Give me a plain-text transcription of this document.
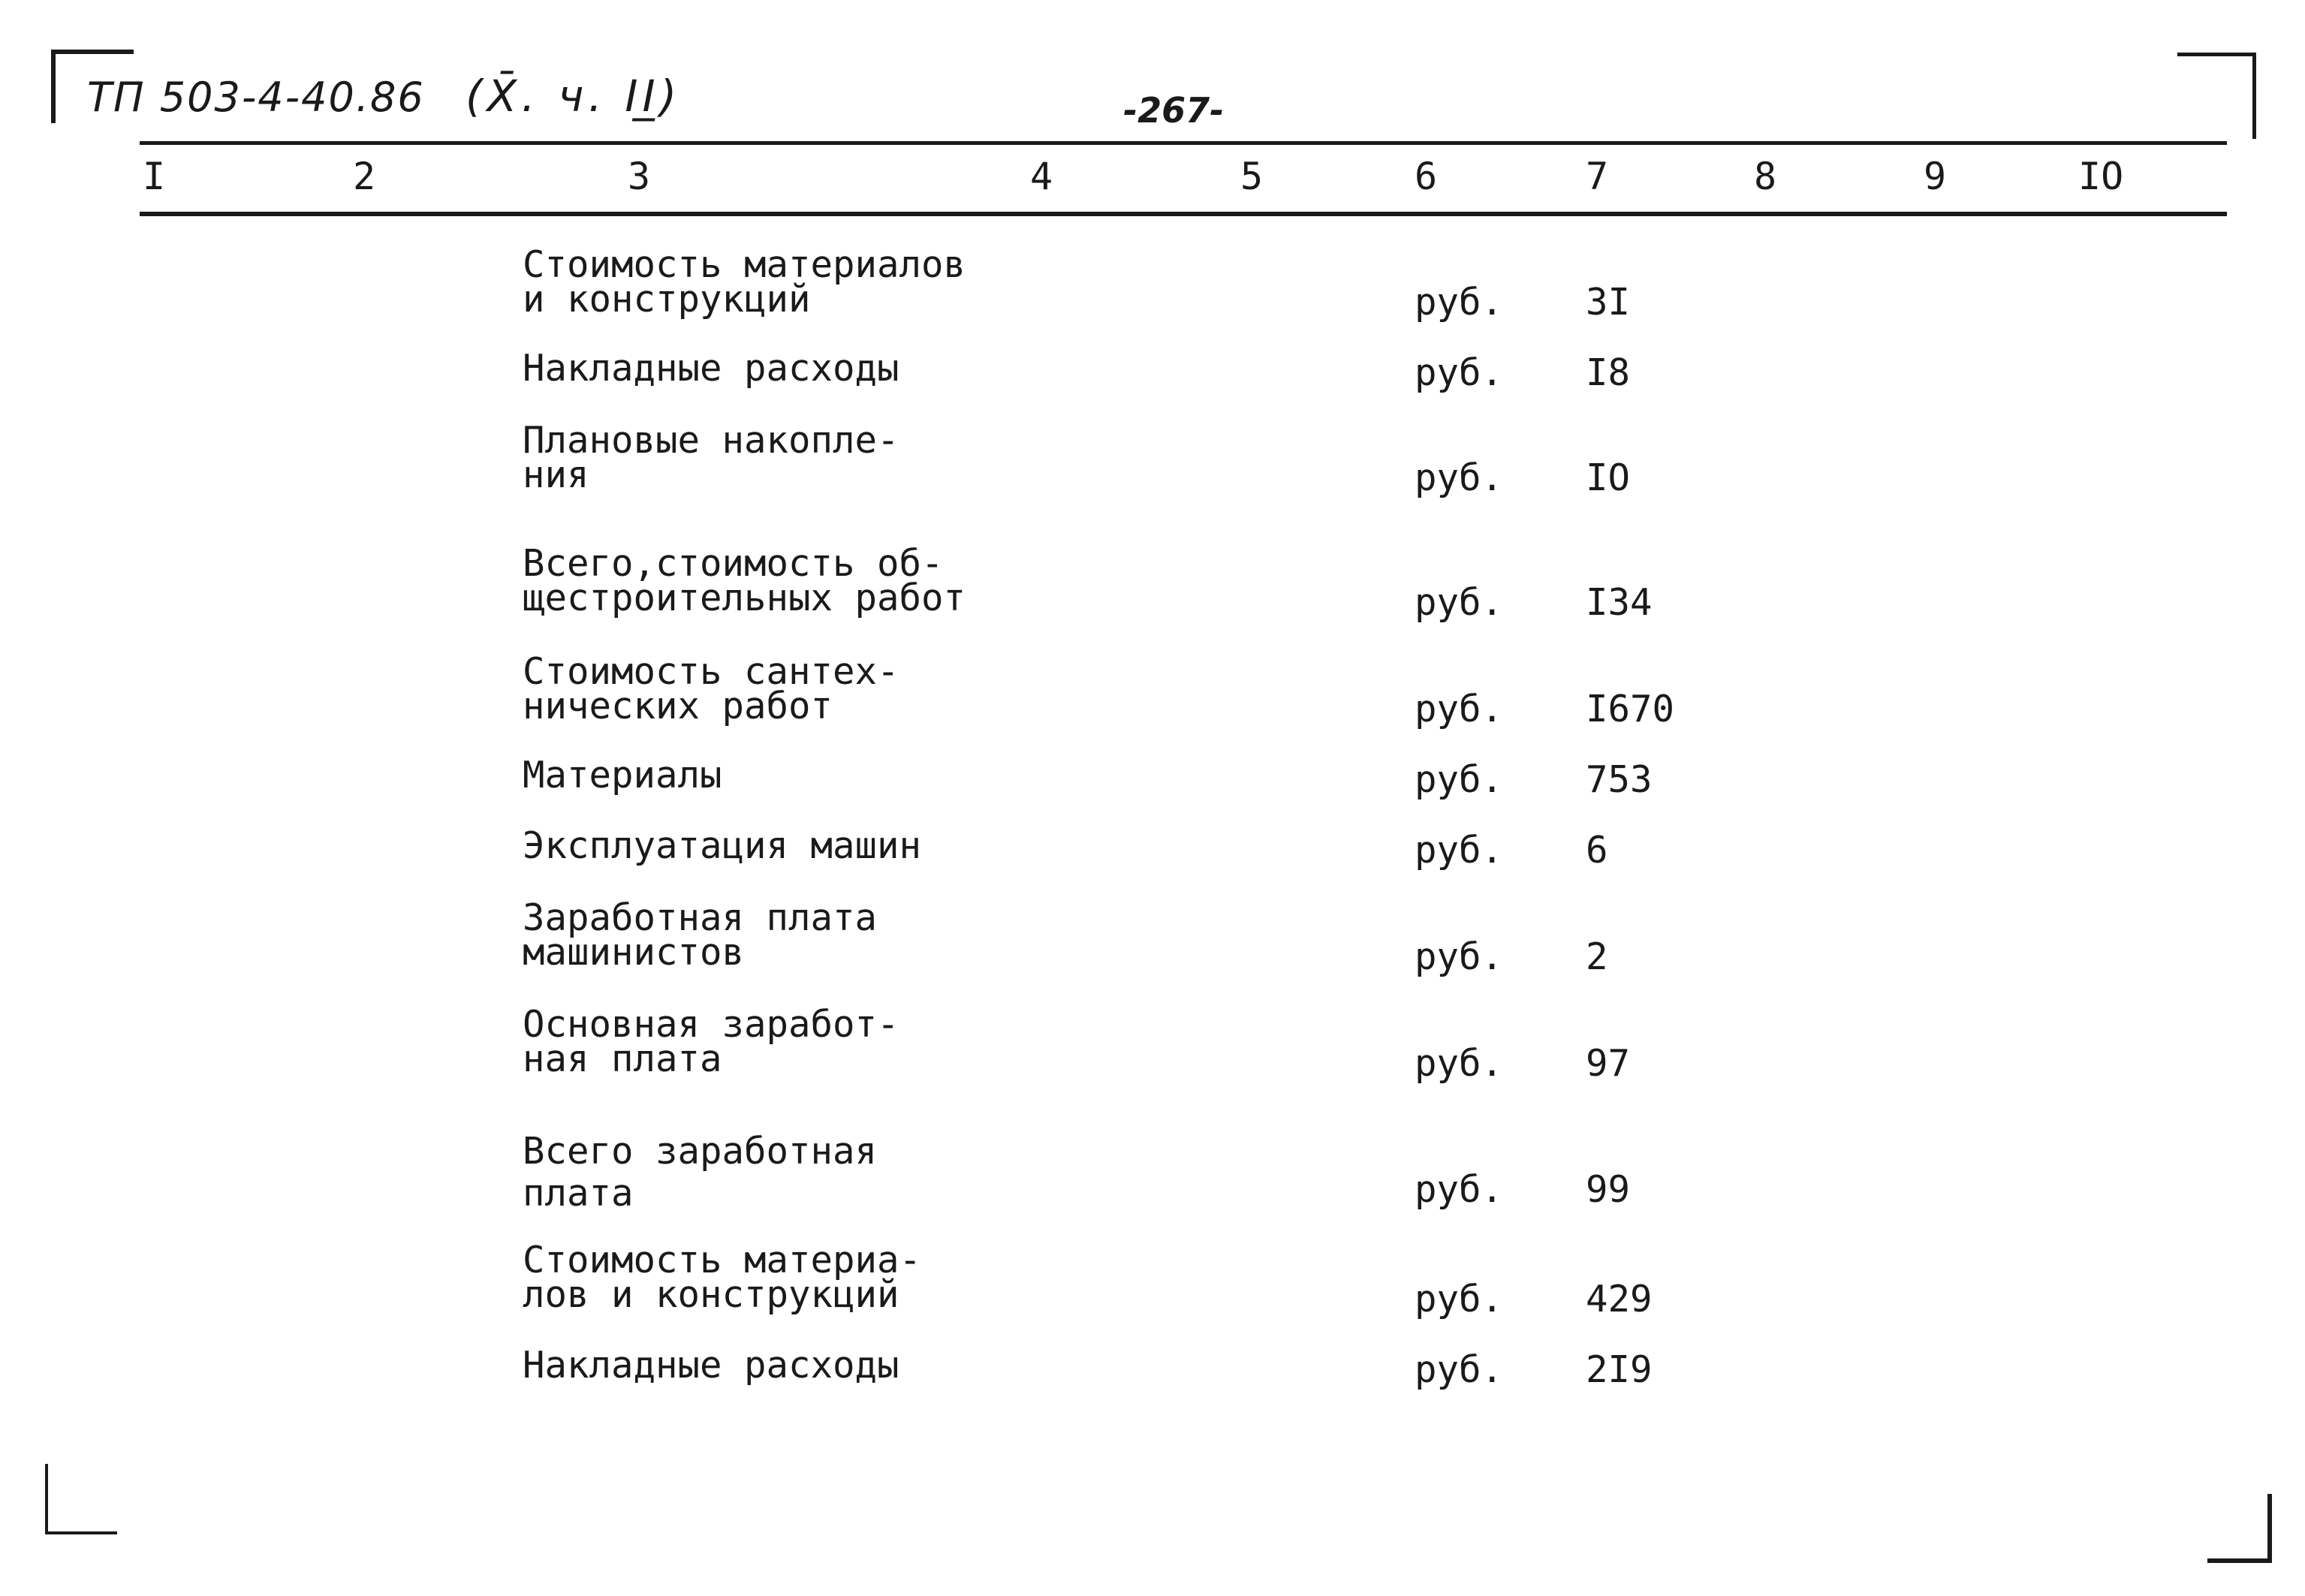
ТП 503-4-40.86 (X̄. ч. II̲)	-267-
I	2	3	4	5	6	7	8	9	IO
Стоимость материалов
и конструкций	руб. 3I
Накладные расходы	руб. I8
Плановые накопле-
ния	руб. IO
Всего,стоимость об-
щестроительных работ	руб. I34
Стоимость сантех-
нических работ	руб. I670
Материалы	руб. 753
Эксплуатация машин	руб. 6
Заработная плата
машинистов	руб. 2
Основная заработ-
ная плата	руб. 97
Всего заработная
плата	руб. 99
Стоимость материа-
лов и конструкций	руб. 429
Накладные расходы	руб. 2I9
